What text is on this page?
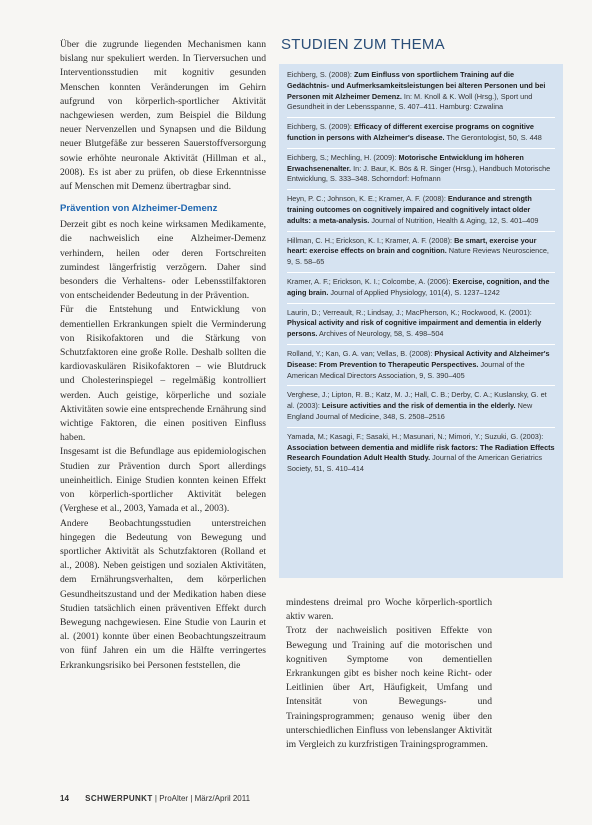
Über die zugrunde liegenden Mechanismen kann bislang nur spekuliert werden. In Tierversuchen und Interventionsstudien mit kognitiv gesunden Menschen konnten Veränderungen im Gehirn aufgrund von körperlich-sportlicher Aktivität nachgewiesen werden, zum Beispiel die Bildung neuer Nervenzellen und Synapsen und die Bildung neuer Blutgefäße zur besseren Sauerstoffversorgung sowie erhöhte neuronale Aktivität (Hillman et al., 2008). Es ist aber zu prüfen, ob diese Erkenntnisse auf Menschen mit Demenz übertragbar sind.

Prävention von Alzheimer-Demenz

Derzeit gibt es noch keine wirksamen Medikamente, die nachweislich eine Alzheimer-Demenz verhindern, heilen oder deren Fortschreiten zumindest längerfristig verzögern. Daher sind besonders die Verhaltens- oder Lebensstilfaktoren von entscheidender Bedeutung in der Prävention.

Für die Entstehung und Entwicklung von dementiellen Erkrankungen spielt die Verminderung von Risikofaktoren und die Stärkung von Schutzfaktoren eine große Rolle. Deshalb sollten die kardiovaskulären Risikofaktoren – wie Blutdruck und Cholesterinspiegel – regelmäßig kontrolliert werden. Auch geistige, körperliche und soziale Aktivitäten sowie eine entsprechende Ernährung sind wichtige Faktoren, die einen positiven Einfluss haben.

Insgesamt ist die Befundlage aus epidemiologischen Studien zur Prävention durch Sport allerdings uneinheitlich. Einige Studien konnten keinen Effekt von körperlich-sportlicher Aktivität belegen (Verghese et al., 2003, Yamada et al., 2003).

Andere Beobachtungsstudien unterstreichen hingegen die Bedeutung von Bewegung und sportlicher Aktivität als Schutzfaktoren (Rolland et al., 2008). Neben geistigen und sozialen Aktivitäten, dem Ernährungsverhalten, dem körperlichen Gesundheitszustand und der Medikation haben diese Studien tatsächlich einen präventiven Effekt durch Bewegung nachgewiesen. Eine Studie von Laurin et al. (2001) konnte über einen Beobachtungszeitraum von fünf Jahren ein um die Hälfte verringertes Erkrankungsrisiko bei Personen feststellen, die

STUDIEN ZUM THEMA
Eichberg, S. (2008): Zum Einfluss von sportlichem Training auf die Gedächtnis- und Aufmerksamkeitsleistungen bei älteren Personen und bei Personen mit Alzheimer Demenz. In: M. Knoll & K. Woll (Hrsg.), Sport und Gesundheit in der Lebensspanne, S. 407–411. Hamburg: Czwalina
Eichberg, S. (2009): Efficacy of different exercise programs on cognitive function in persons with Alzheimer's disease. The Gerontologist, 50, S. 448
Eichberg, S.; Mechling, H. (2009): Motorische Entwicklung im höheren Erwachsenenalter. In: J. Baur, K. Bös & R. Singer (Hrsg.), Handbuch Motorische Entwicklung, S. 333–348. Schorndorf: Hofmann
Heyn, P. C.; Johnson, K. E.; Kramer, A. F. (2008): Endurance and strength training outcomes on cognitively impaired and cognitively intact older adults: a meta-analysis. Journal of Nutrition, Health & Aging, 12, S. 401–409
Hillman, C. H.; Erickson, K. I.; Kramer, A. F. (2008): Be smart, exercise your heart: exercise effects on brain and cognition. Nature Reviews Neuroscience, 9, S. 58–65
Kramer, A. F.; Erickson, K. I.; Colcombe, A. (2006): Exercise, cognition, and the aging brain. Journal of Applied Physiology, 101(4), S. 1237–1242
Laurin, D.; Verreault, R.; Lindsay, J.; MacPherson, K.; Rockwood, K. (2001): Physical activity and risk of cognitive impairment and dementia in elderly persons. Archives of Neurology, 58, S. 498–504
Rolland, Y.; Kan, G. A. van; Vellas, B. (2008): Physical Activity and Alzheimer's Disease: From Prevention to Therapeutic Perspectives. Journal of the American Medical Directors Association, 9, S. 390–405
Verghese, J.; Lipton, R. B.; Katz, M. J.; Hall, C. B.; Derby, C. A.; Kuslansky, G. et al. (2003): Leisure activities and the risk of dementia in the elderly. New England Journal of Medicine, 348, S. 2508–2516
Yamada, M.; Kasagi, F.; Sasaki, H.; Masunari, N.; Mimori, Y.; Suzuki, G. (2003): Association between dementia and midlife risk factors: The Radiation Effects Research Foundation Adult Health Study. Journal of the American Geriatrics Society, 51, S. 410–414

mindestens dreimal pro Woche körperlich-sportlich aktiv waren.

Trotz der nachweislich positiven Effekte von Bewegung und Training auf die motorischen und kognitiven Symptome von dementiellen Erkrankungen gibt es bisher noch keine Richt- oder Leitlinien über Art, Häufigkeit, Umfang und Intensität von Bewegungs- und Trainingsprogrammen; genauso wenig über den unterschiedlichen Einfluss von lebenslanger Aktivität im Vergleich zu kurzfristigen Trainingsprogrammen.

14 SCHWERPUNKT | ProAlter | März/April 2011
